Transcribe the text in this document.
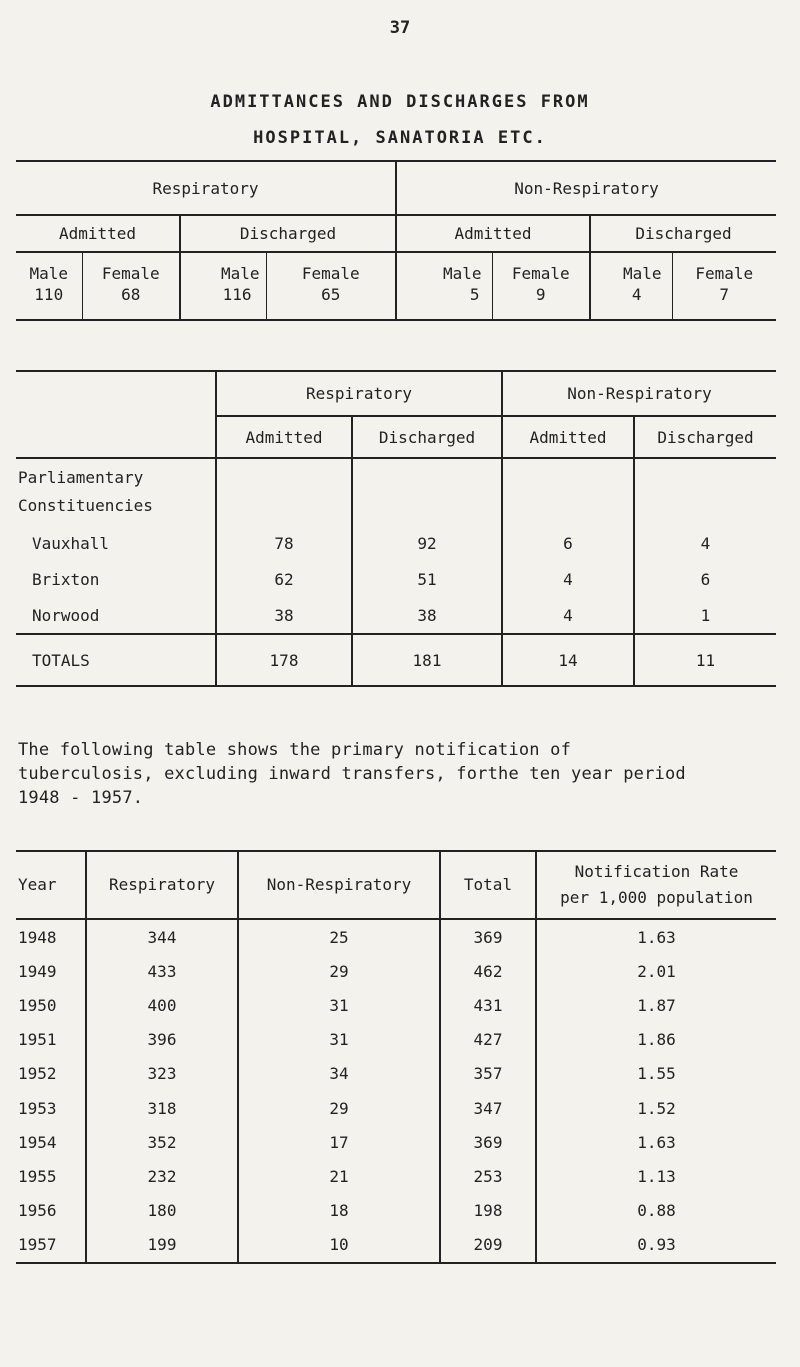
37
ADMITTANCES AND DISCHARGES FROM
HOSPITAL, SANATORIA ETC.
Respiratory				Non-Respiratory			
Admitted		Discharged		Admitted		Discharged	
Male	Female	Male	Female	Male	Female	Male	Female
110	68	116	65	5	9	4	7
	Respiratory		Non-Respiratory	
	Admitted	Discharged	Admitted	Discharged
Parliamentary
Constituencies				
Vauxhall	78	92	6	4
Brixton	62	51	4	6
Norwood	38	38	4	1
TOTALS	178	181	14	11
The following table shows the primary notification of
tuberculosis, excluding inward transfers, forthe ten year period
1948 - 1957.
Year	Respiratory	Non-Respiratory	Total	Notification Rate
per 1,000 population
1948	344	25	369	1.63
1949	433	29	462	2.01
1950	400	31	431	1.87
1951	396	31	427	1.86
1952	323	34	357	1.55
1953	318	29	347	1.52
1954	352	17	369	1.63
1955	232	21	253	1.13
1956	180	18	198	0.88
1957	199	10	209	0.93
